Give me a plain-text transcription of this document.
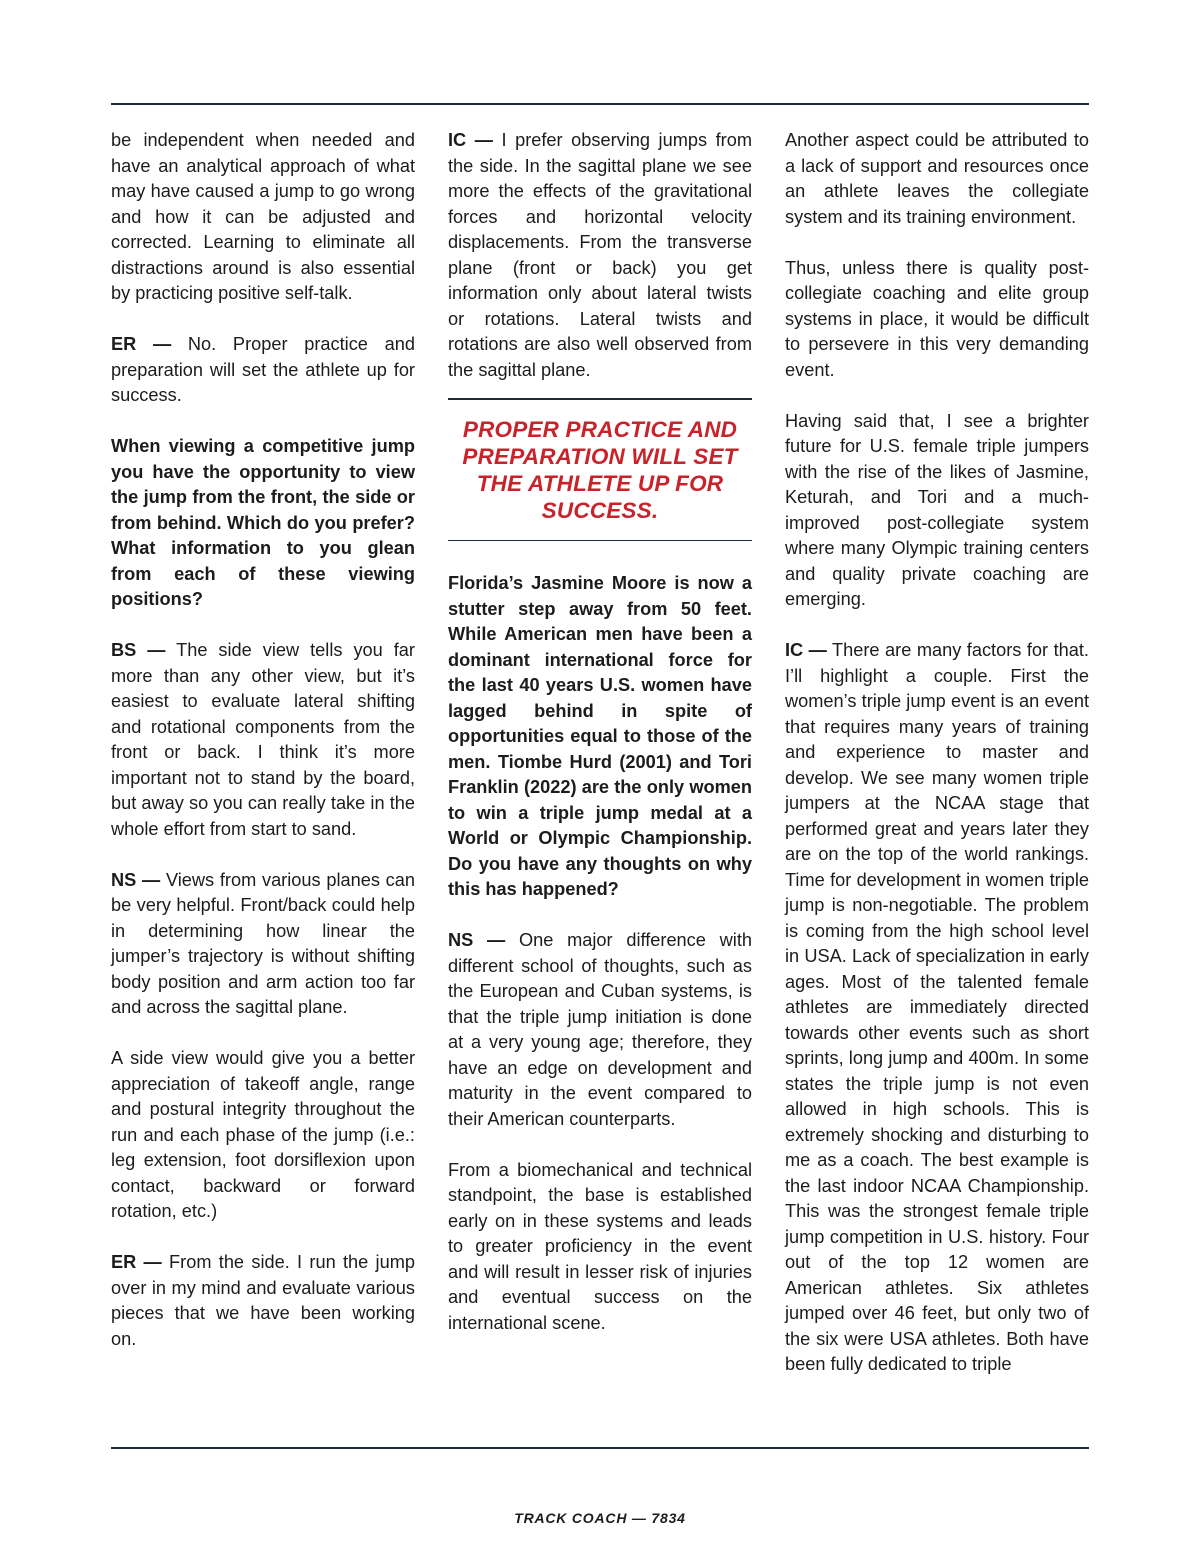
be independent when needed and have an analytical approach of what may have caused a jump to go wrong and how it can be adjusted and corrected. Learning to eliminate all distractions around is also essential by practicing positive self-talk.

ER — No. Proper practice and preparation will set the athlete up for success.

When viewing a competitive jump you have the opportunity to view the jump from the front, the side or from behind. Which do you prefer? What information to you glean from each of these viewing positions?

BS — The side view tells you far more than any other view, but it’s easiest to evaluate lateral shifting and rotational components from the front or back. I think it’s more important not to stand by the board, but away so you can really take in the whole effort from start to sand.

NS — Views from various planes can be very helpful. Front/back could help in determining how linear the jumper’s trajectory is without shifting body position and arm action too far and across the sagittal plane.

A side view would give you a better appreciation of takeoff angle, range and postural integrity throughout the run and each phase of the jump (i.e.: leg extension, foot dorsiflexion upon contact, backward or forward rotation, etc.)

ER — From the side. I run the jump over in my mind and evaluate various pieces that we have been working on.

IC — I prefer observing jumps from the side. In the sagittal plane we see more the effects of the gravitational forces and horizontal velocity displacements. From the transverse plane (front or back) you get information only about lateral twists or rotations. Lateral twists and rotations are also well observed from the sagittal plane.

PROPER PRACTICE AND PREPARATION WILL SET THE ATHLETE UP FOR SUCCESS.

Florida’s Jasmine Moore is now a stutter step away from 50 feet. While American men have been a dominant international force for the last 40 years U.S. women have lagged behind in spite of opportunities equal to those of the men. Tiombe Hurd (2001) and Tori Franklin (2022) are the only women to win a triple jump medal at a World or Olympic Championship. Do you have any thoughts on why this has happened?

NS — One major difference with different school of thoughts, such as the European and Cuban systems, is that the triple jump initiation is done at a very young age; therefore, they have an edge on development and maturity in the event compared to their American counterparts.

From a biomechanical and technical standpoint, the base is established early on in these systems and leads to greater proficiency in the event and will result in lesser risk of injuries and eventual success on the international scene.

Another aspect could be attributed to a lack of support and resources once an athlete leaves the collegiate system and its training environment.

Thus, unless there is quality post-collegiate coaching and elite group systems in place, it would be difficult to persevere in this very demanding event.

Having said that, I see a brighter future for U.S. female triple jumpers with the rise of the likes of Jasmine, Keturah, and Tori and a much-improved post-collegiate system where many Olympic training centers and quality private coaching are emerging.

IC — There are many factors for that. I’ll highlight a couple. First the women’s triple jump event is an event that requires many years of training and experience to master and develop. We see many women triple jumpers at the NCAA stage that performed great and years later they are on the top of the world rankings. Time for development in women triple jump is non-negotiable. The problem is coming from the high school level in USA. Lack of specialization in early ages. Most of the talented female athletes are immediately directed towards other events such as short sprints, long jump and 400m. In some states the triple jump is not even allowed in high schools. This is extremely shocking and disturbing to me as a coach. The best example is the last indoor NCAA Championship. This was the strongest female triple jump competition in U.S. history. Four out of the top 12 women are American athletes. Six athletes jumped over 46 feet, but only two of the six were USA athletes. Both have been fully dedicated to triple

TRACK COACH — 7834
